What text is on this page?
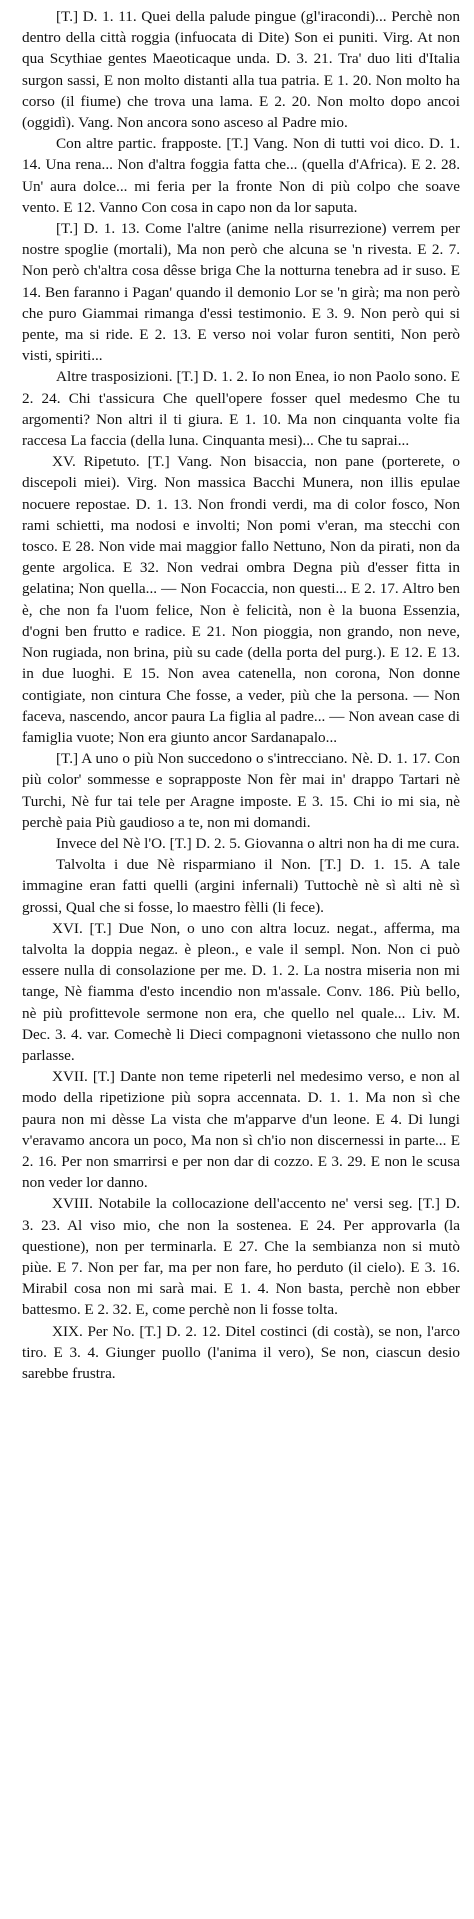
[T.] D. 1. 11. Quei della palude pingue (gl'iracondi)... Perchè non dentro della città roggia (infuocata di Dite) Son ei puniti. Virg. At non qua Scythiae gentes Maeoticaque unda. D. 3. 21. Tra' duo liti d'Italia surgon sassi, E non molto distanti alla tua patria. E 1. 20. Non molto ha corso (il fiume) che trova una lama. E 2. 20. Non molto dopo ancoi (oggidì). Vang. Non ancora sono asceso al Padre mio.

Con altre partic. frapposte. [T.] Vang. Non di tutti voi dico. D. 1. 14. Una rena... Non d'altra foggia fatta che... (quella d'Africa). E 2. 28. Un' aura dolce... mi feria per la fronte Non di più colpo che soave vento. E 12. Vanno Con cosa in capo non da lor saputa.

[T.] D. 1. 13. Come l'altre (anime nella risurrezione) verrem per nostre spoglie (mortali), Ma non però che alcuna se 'n rivesta. E 2. 7. Non però ch'altra cosa dêsse briga Che la notturna tenebra ad ir suso. E 14. Ben faranno i Pagan' quando il demonio Lor se 'n girà; ma non però che puro Giammai rimanga d'essi testimonio. E 3. 9. Non però qui si pente, ma si ride. E 2. 13. E verso noi volar furon sentiti, Non però visti, spiriti...

Altre trasposizioni. [T.] D. 1. 2. Io non Enea, io non Paolo sono. E 2. 24. Chi t'assicura Che quell'opere fosser quel medesmo Che tu argomenti? Non altri il ti giura. E 1. 10. Ma non cinquanta volte fia raccesa La faccia (della luna. Cinquanta mesi)... Che tu saprai...

XV. Ripetuto. [T.] Vang. Non bisaccia, non pane (porterete, o discepoli miei). Virg. Non massica Bacchi Munera, non illis epulae nocuere repostae. D. 1. 13. Non frondi verdi, ma di color fosco, Non rami schietti, ma nodosi e involti; Non pomi v'eran, ma stecchi con tosco. E 28. Non vide mai maggior fallo Nettuno, Non da pirati, non da gente argolica. E 32. Non vedrai ombra Degna più d'esser fitta in gelatina; Non quella... — Non Focaccia, non questi... E 2. 17. Altro ben è, che non fa l'uom felice, Non è felicità, non è la buona Essenzia, d'ogni ben frutto e radice. E 21. Non pioggia, non grando, non neve, Non rugiada, non brina, più su cade (della porta del purg.). E 12. E 13. in due luoghi. E 15. Non avea catenella, non corona, Non donne contigiate, non cintura Che fosse, a veder, più che la persona. — Non faceva, nascendo, ancor paura La figlia al padre... — Non avean case di famiglia vuote; Non era giunto ancor Sardanapalo...

[T.] A uno o più Non succedono o s'intrecciano. Nè. D. 1. 17. Con più color' sommesse e soprapposte Non fèr mai in' drappo Tartari nè Turchi, Nè fur tai tele per Aragne imposte. E 3. 15. Chi io mi sia, nè perchè paia Più gaudioso a te, non mi domandi.

Invece del Nè l'O. [T.] D. 2. 5. Giovanna o altri non ha di me cura.

Talvolta i due Nè risparmiano il Non. [T.] D. 1. 15. A tale immagine eran fatti quelli (argini infernali) Tuttochè nè sì alti nè sì grossi, Qual che si fosse, lo maestro fèlli (li fece).

XVI. [T.] Due Non, o uno con altra locuz. negat., afferma, ma talvolta la doppia negaz. è pleon., e vale il sempl. Non. Non ci può essere nulla di consolazione per me. D. 1. 2. La nostra miseria non mi tange, Nè fiamma d'esto incendio non m'assale. Conv. 186. Più bello, nè più profittevole sermone non era, che quello nel quale... Liv. M. Dec. 3. 4. var. Comechè li Dieci compagnoni vietassono che nullo non parlasse.

XVII. [T.] Dante non teme ripeterli nel medesimo verso, e non al modo della ripetizione più sopra accennata. D. 1. 1. Ma non sì che paura non mi dèsse La vista che m'apparve d'un leone. E 4. Di lungi v'eravamo ancora un poco, Ma non sì ch'io non discernessi in parte... E 2. 16. Per non smarrirsi e per non dar di cozzo. E 3. 29. E non le scusa non veder lor danno.

XVIII. Notabile la collocazione dell'accento ne' versi seg. [T.] D. 3. 23. Al viso mio, che non la sostenea. E 24. Per approvarla (la questione), non per terminarla. E 27. Che la sembianza non si mutò piùe. E 7. Non per far, ma per non fare, ho perduto (il cielo). E 3. 16. Mirabil cosa non mi sarà mai. E 1. 4. Non basta, perchè non ebber battesmo. E 2. 32. E, come perchè non li fosse tolta.

XIX. Per No. [T.] D. 2. 12. Ditel costinci (di costà), se non, l'arco tiro. E 3. 4. Giunger puollo (l'anima il vero), Se non, ciascun desio sarebbe frustra.
